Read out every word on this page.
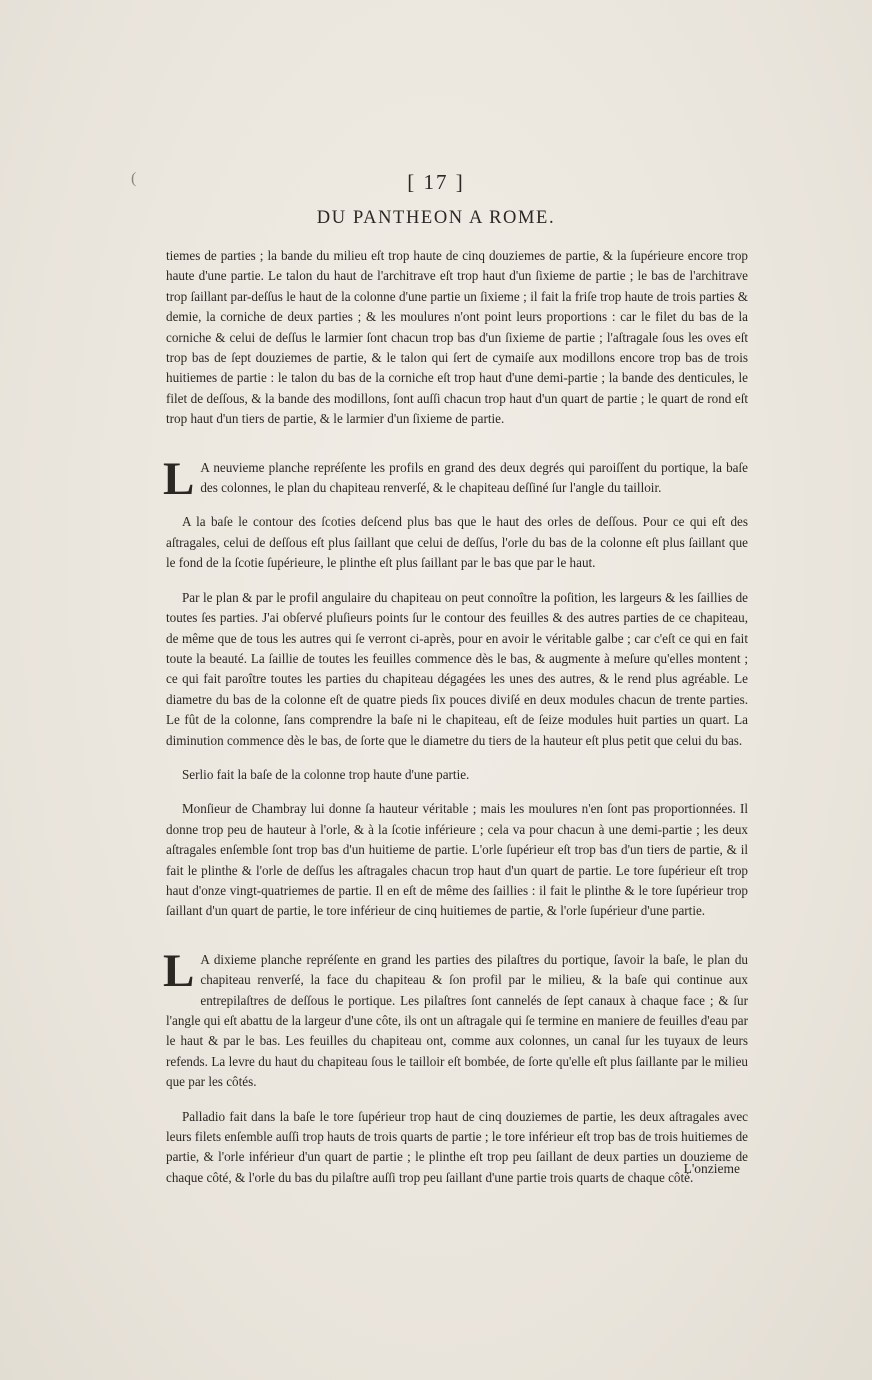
(	[ 17 ]
DU PANTHEON A ROME.

tiemes de parties ; la bande du milieu eſt trop haute de cinq douziemes de partie, & la ſupérieure encore trop haute d'une partie. Le talon du haut de l'architrave eſt trop haut d'un ſixieme de partie ; le bas de l'architrave trop ſaillant par-deſſus le haut de la colonne d'une partie un ſixieme ; il fait la friſe trop haute de trois parties & demie, la corniche de deux parties ; & les moulures n'ont point leurs proportions : car le filet du bas de la corniche & celui de deſſus le larmier ſont chacun trop bas d'un ſixieme de partie ; l'aſtragale ſous les oves eſt trop bas de ſept douziemes de partie, & le talon qui ſert de cymaiſe aux modillons encore trop bas de trois huitiemes de partie : le talon du bas de la corniche eſt trop haut d'une demi-partie ; la bande des denticules, le filet de deſſous, & la bande des modillons, ſont auſſi chacun trop haut d'un quart de partie ; le quart de rond eſt trop haut d'un tiers de partie, & le larmier d'un ſixieme de partie.

L A neuvieme planche repréſente les profils en grand des deux degrés qui paroiſſent du portique, la baſe des colonnes, le plan du chapiteau renverſé, & le chapiteau deſſiné ſur l'angle du tailloir.

A la baſe le contour des ſcoties deſcend plus bas que le haut des orles de deſſous. Pour ce qui eſt des aſtragales, celui de deſſous eſt plus ſaillant que celui de deſſus, l'orle du bas de la colonne eſt plus ſaillant que le fond de la ſcotie ſupérieure, le plinthe eſt plus ſaillant par le bas que par le haut.

Par le plan & par le profil angulaire du chapiteau on peut connoître la poſition, les largeurs & les ſaillies de toutes ſes parties. J'ai obſervé pluſieurs points ſur le contour des feuilles & des autres parties de ce chapiteau, de même que de tous les autres qui ſe verront ci-après, pour en avoir le véritable galbe ; car c'eſt ce qui en fait toute la beauté. La ſaillie de toutes les feuilles commence dès le bas, & augmente à meſure qu'elles montent ; ce qui fait paroître toutes les parties du chapiteau dégagées les unes des autres, & le rend plus agréable. Le diametre du bas de la colonne eſt de quatre pieds ſix pouces diviſé en deux modules chacun de trente parties. Le fût de la colonne, ſans comprendre la baſe ni le chapiteau, eſt de ſeize modules huit parties un quart. La diminution commence dès le bas, de ſorte que le diametre du tiers de la hauteur eſt plus petit que celui du bas.

Serlio fait la baſe de la colonne trop haute d'une partie.

Monſieur de Chambray lui donne ſa hauteur véritable ; mais les moulures n'en ſont pas proportionnées. Il donne trop peu de hauteur à l'orle, & à la ſcotie inférieure ; cela va pour chacun à une demi-partie ; les deux aſtragales enſemble ſont trop bas d'un huitieme de partie. L'orle ſupérieur eſt trop bas d'un tiers de partie, & il fait le plinthe & l'orle de deſſus les aſtragales chacun trop haut d'un quart de partie. Le tore ſupérieur eſt trop haut d'onze vingt-quatriemes de partie. Il en eſt de même des ſaillies : il fait le plinthe & le tore ſupérieur trop ſaillant d'un quart de partie, le tore inférieur de cinq huitiemes de partie, & l'orle ſupérieur d'une partie.

L A dixieme planche repréſente en grand les parties des pilaſtres du portique, ſavoir la baſe, le plan du chapiteau renverſé, la face du chapiteau & ſon profil par le milieu, & la baſe qui continue aux entrepilaſtres de deſſous le portique. Les pilaſtres ſont cannelés de ſept canaux à chaque face ; & ſur l'angle qui eſt abattu de la largeur d'une côte, ils ont un aſtragale qui ſe termine en maniere de feuilles d'eau par le haut & par le bas. Les feuilles du chapiteau ont, comme aux colonnes, un canal ſur les tuyaux de leurs refends. La levre du haut du chapiteau ſous le tailloir eſt bombée, de ſorte qu'elle eſt plus ſaillante par le milieu que par les côtés.

Palladio fait dans la baſe le tore ſupérieur trop haut de cinq douziemes de partie, les deux aſtragales avec leurs filets enſemble auſſi trop hauts de trois quarts de partie ; le tore inférieur eſt trop bas de trois huitiemes de partie, & l'orle inférieur d'un quart de partie ; le plinthe eſt trop peu ſaillant de deux parties un douzieme de chaque côté, & l'orle du bas du pilaſtre auſſi trop peu ſaillant d'une partie trois quarts de chaque côté.

L'onzieme
